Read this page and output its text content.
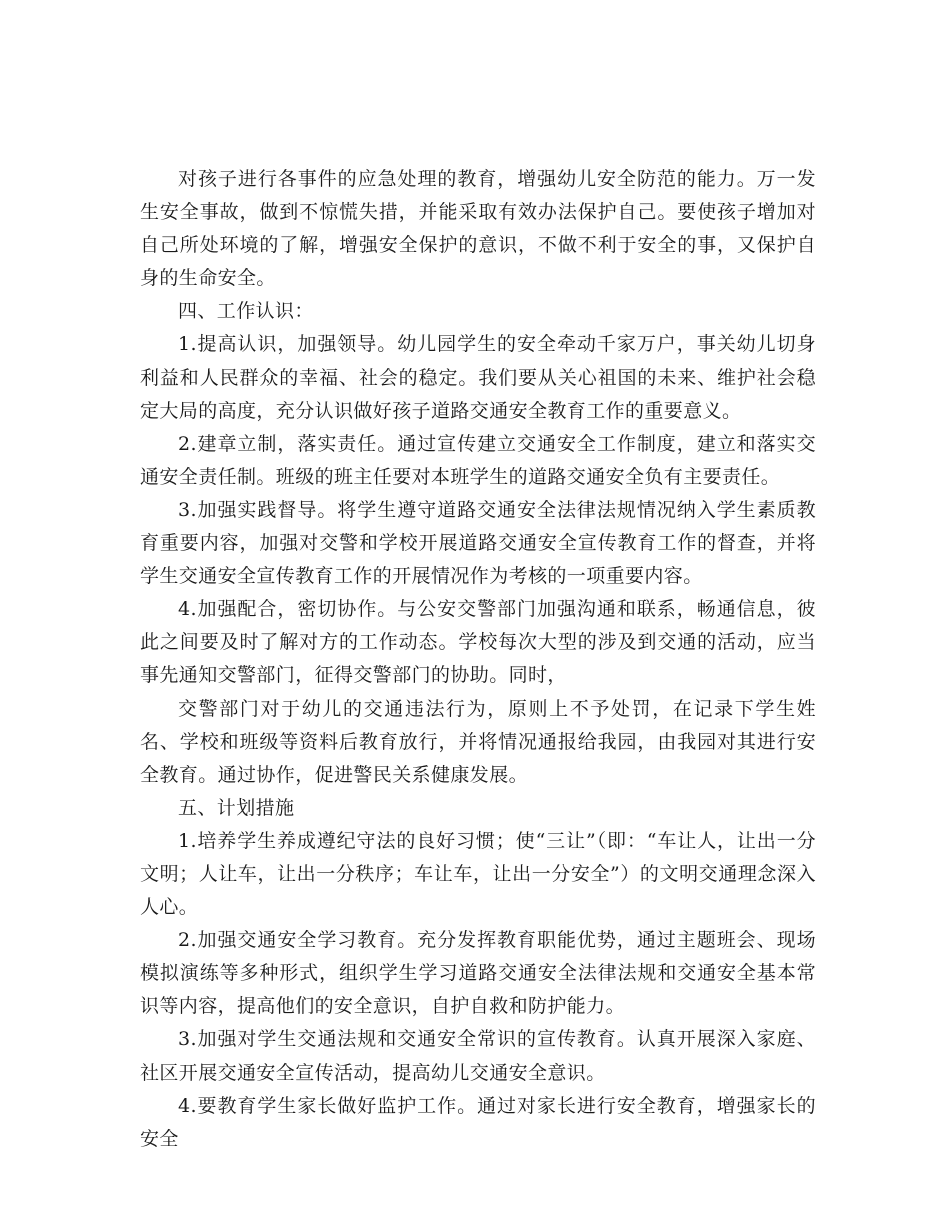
对孩子进行各事件的应急处理的教育，增强幼儿安全防范的能力。万一发生安全事故，做到不惊慌失措，并能采取有效办法保护自己。要使孩子增加对自己所处环境的了解，增强安全保护的意识，不做不利于安全的事，又保护自身的生命安全。

四、工作认识：

1.提高认识，加强领导。幼儿园学生的安全牵动千家万户，事关幼儿切身利益和人民群众的幸福、社会的稳定。我们要从关心祖国的未来、维护社会稳定大局的高度，充分认识做好孩子道路交通安全教育工作的重要意义。

2.建章立制，落实责任。通过宣传建立交通安全工作制度，建立和落实交通安全责任制。班级的班主任要对本班学生的道路交通安全负有主要责任。

3.加强实践督导。将学生遵守道路交通安全法律法规情况纳入学生素质教育重要内容，加强对交警和学校开展道路交通安全宣传教育工作的督查，并将学生交通安全宣传教育工作的开展情况作为考核的一项重要内容。

4.加强配合，密切协作。与公安交警部门加强沟通和联系，畅通信息，彼此之间要及时了解对方的工作动态。学校每次大型的涉及到交通的活动，应当事先通知交警部门，征得交警部门的协助。同时，

交警部门对于幼儿的交通违法行为，原则上不予处罚，在记录下学生姓名、学校和班级等资料后教育放行，并将情况通报给我园，由我园对其进行安全教育。通过协作，促进警民关系健康发展。

五、计划措施

1.培养学生养成遵纪守法的良好习惯；使“三让”（即：“车让人，让出一分文明；人让车，让出一分秩序；车让车，让出一分安全”）的文明交通理念深入人心。

2.加强交通安全学习教育。充分发挥教育职能优势，通过主题班会、现场模拟演练等多种形式，组织学生学习道路交通安全法律法规和交通安全基本常识等内容，提高他们的安全意识，自护自救和防护能力。

3.加强对学生交通法规和交通安全常识的宣传教育。认真开展深入家庭、社区开展交通安全宣传活动，提高幼儿交通安全意识。

4.要教育学生家长做好监护工作。通过对家长进行安全教育，增强家长的安全
